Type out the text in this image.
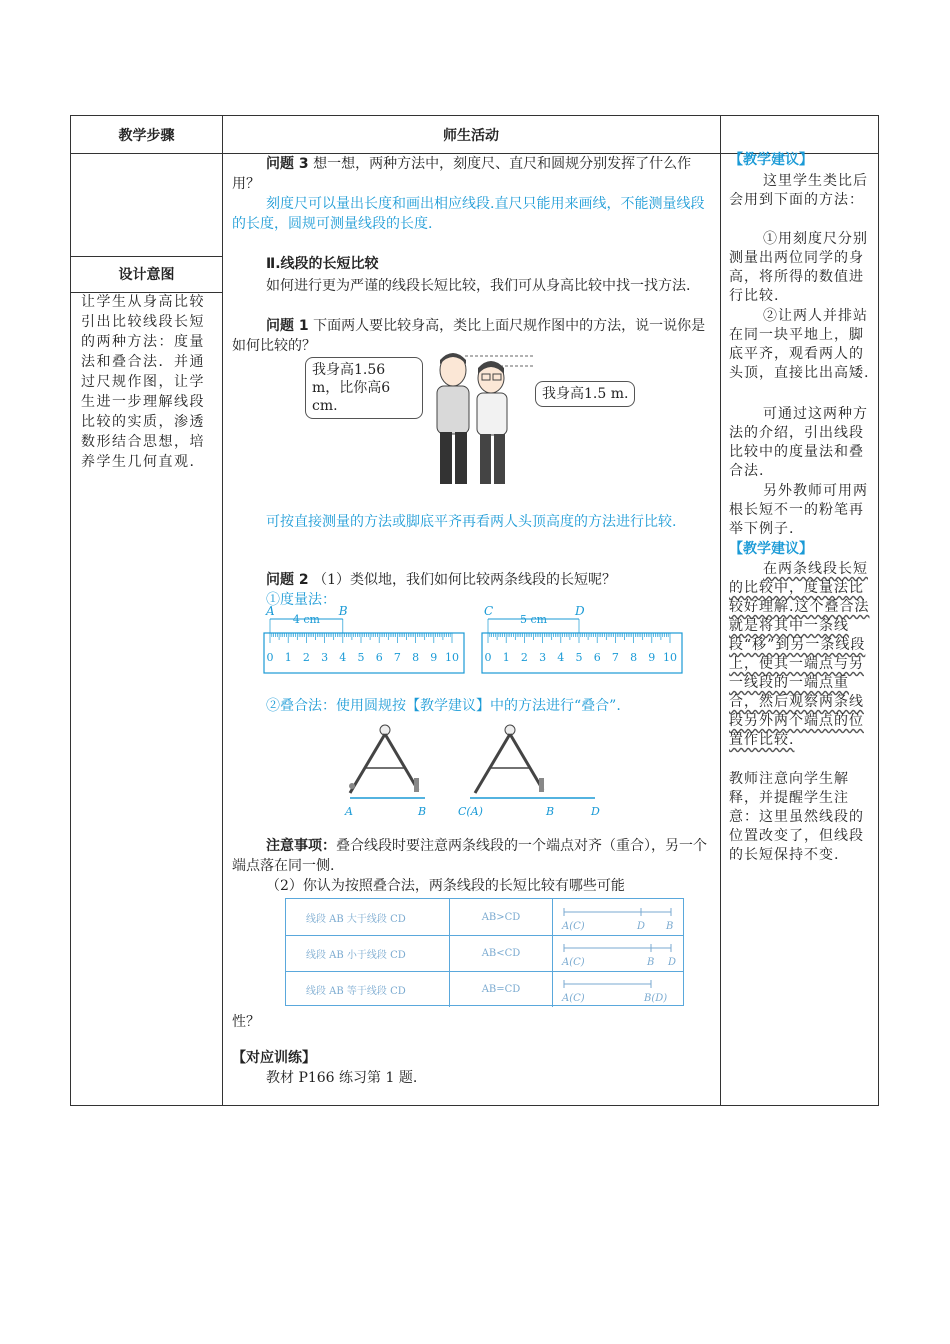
教学步骤	师生活动
设计意图
让学生从身高比较引出比较线段长短的两种方法：度量法和叠合法．并通过尺规作图，让学生进一步理解线段比较的实质，渗透数形结合思想，培养学生几何直观.
问题 3 想一想，两种方法中，刻度尺、直尺和圆规分别发挥了什么作用？
刻度尺可以量出长度和画出相应线段.直尺只能用来画线，不能测量线段的长度，圆规可测量线段的长度.
Ⅱ.线段的长短比较
如何进行更为严谨的线段长短比较，我们可从身高比较中找一找方法.
问题 1 下面两人要比较身高，类比上面尺规作图中的方法，说一说你是如何比较的？
我身高1.56 m，比你高6 cm.
我身高1.5 m.
可按直接测量的方法或脚底平齐再看两人头顶高度的方法进行比较.
问题 2 （1）类似地，我们如何比较两条线段的长短呢？
①度量法：
0 1 2 3 4 5 6 7 8 9 10
A	B
4 cm
0 1 2 3 4 5 6 7 8 9 10
C	D
5 cm
②叠合法：使用圆规按【教学建议】中的方法进行“叠合”.
A	B	C(A)	B	D
注意事项：叠合线段时要注意两条线段的一个端点对齐（重合），另一个端点落在同一侧.
（2）你认为按照叠合法，两条线段的长短比较有哪些可能
线段 AB 大于线段 CD	AB>CD
A(C)	D B
线段 AB 小于线段 CD	AB<CD
A(C)	B D
线段 AB 等于线段 CD	AB=CD
A(C)	B(D)
性？
【对应训练】
教材 P166 练习第 1 题.
【教学建议】
这里学生类比后会用到下面的方法：
①用刻度尺分别测量出两位同学的身高，将所得的数值进行比较.
②让两人并排站在同一块平地上，脚底平齐，观看两人的头顶，直接比出高矮.
可通过这两种方法的介绍，引出线段比较中的度量法和叠合法.
另外教师可用两根长短不一的粉笔再举下例子.
【教学建议】
在两条线段长短的比较中，度量法比较好理解.这个叠合法就是将其中一条线段“移”到另一条线段上，使其一端点与另一线段的一端点重合，然后观察两条线段另外两个端点的位置作比较.
教师注意向学生解释，并提醒学生注意：这里虽然线段的位置改变了，但线段的长短保持不变.
